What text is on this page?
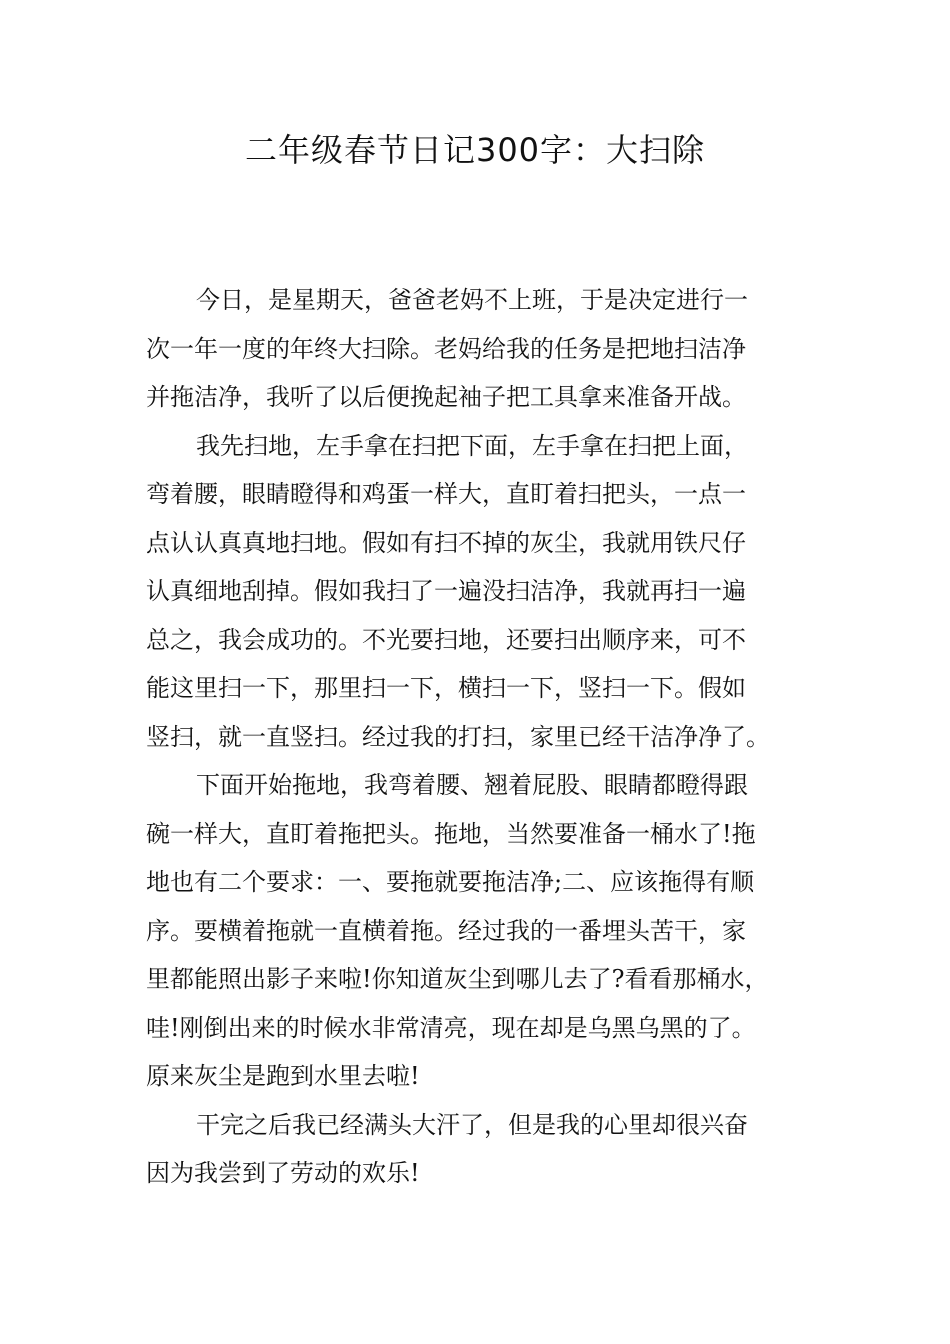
二年级春节日记300字：大扫除
今日，是星期天，爸爸老妈不上班，于是决定进行一
次一年一度的年终大扫除。老妈给我的任务是把地扫洁净
并拖洁净，我听了以后便挽起袖子把工具拿来准备开战。
我先扫地，左手拿在扫把下面，左手拿在扫把上面，
弯着腰，眼睛瞪得和鸡蛋一样大，直盯着扫把头，一点一
点认认真真地扫地。假如有扫不掉的灰尘，我就用铁尺仔
认真细地刮掉。假如我扫了一遍没扫洁净，我就再扫一遍
总之，我会成功的。不光要扫地，还要扫出顺序来，可不
能这里扫一下，那里扫一下，横扫一下，竖扫一下。假如
竖扫，就一直竖扫。经过我的打扫，家里已经干洁净净了。
下面开始拖地，我弯着腰、翘着屁股、眼睛都瞪得跟
碗一样大，直盯着拖把头。拖地，当然要准备一桶水了!拖
地也有二个要求：一、要拖就要拖洁净;二、应该拖得有顺
序。要横着拖就一直横着拖。经过我的一番埋头苦干，家
里都能照出影子来啦!你知道灰尘到哪儿去了?看看那桶水，
哇!刚倒出来的时候水非常清亮，现在却是乌黑乌黑的了。
原来灰尘是跑到水里去啦!
干完之后我已经满头大汗了，但是我的心里却很兴奋
因为我尝到了劳动的欢乐!
